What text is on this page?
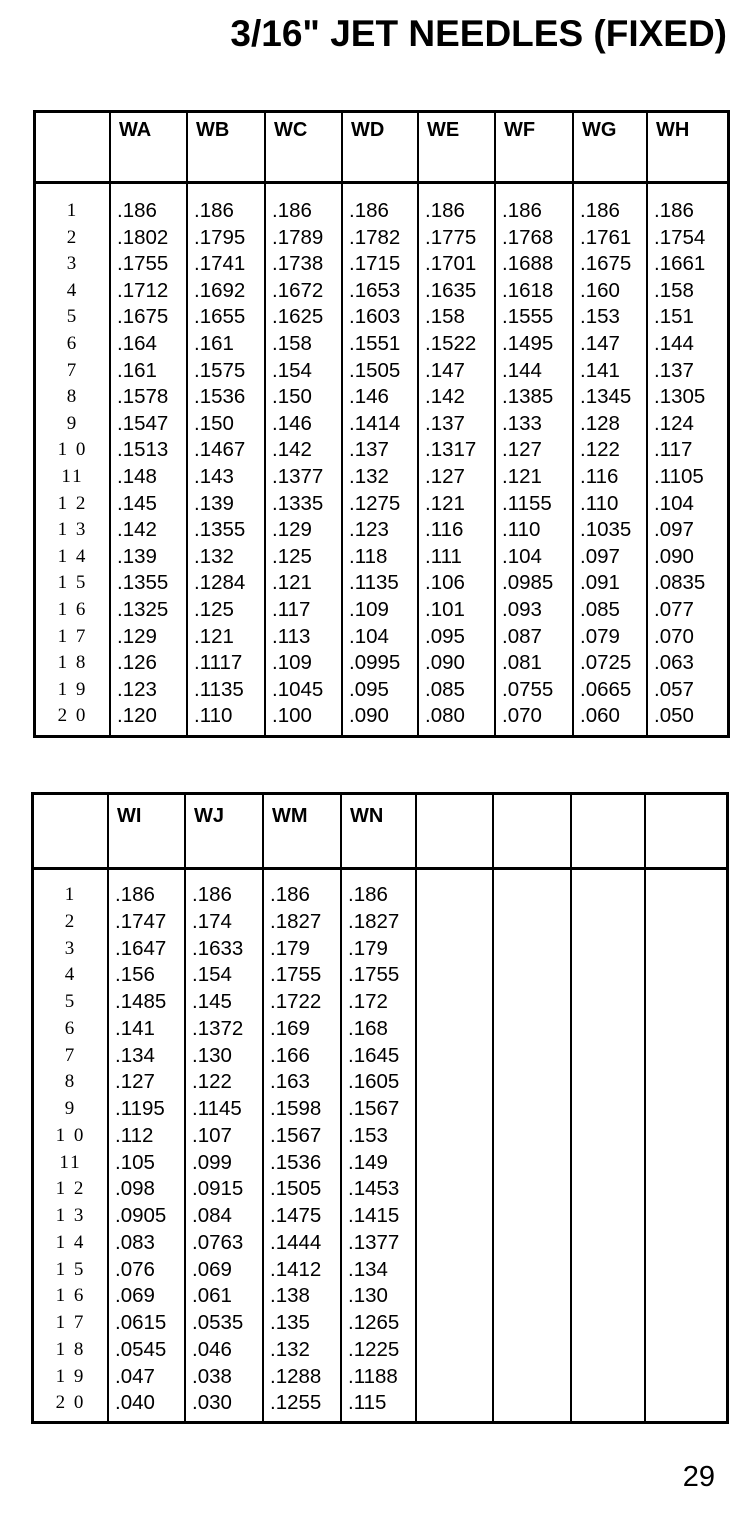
3/16" JET NEEDLES (FIXED)
1
2
3
4
5
6
7
8
9
1 0
11
1 2
1 3
1 4
1 5
1 6
1 7
1 8
1 9
2 0
WA
.186
.1802
.1755
.1712
.1675
.164
.161
.1578
.1547
.1513
.148
.145
.142
.139
.1355
.1325
.129
.126
.123
.120
WB
.186
.1795
.1741
.1692
.1655
.161
.1575
.1536
.150
.1467
.143
.139
.1355
.132
.1284
.125
.121
.1117
.1135
.110
WC
.186
.1789
.1738
.1672
.1625
.158
.154
.150
.146
.142
.1377
.1335
.129
.125
.121
.117
.113
.109
.1045
.100
WD
.186
.1782
.1715
.1653
.1603
.1551
.1505
.146
.1414
.137
.132
.1275
.123
.118
.1135
.109
.104
.0995
.095
.090
WE
.186
.1775
.1701
.1635
.158
.1522
.147
.142
.137
.1317
.127
.121
.116
.111
.106
.101
.095
.090
.085
.080
WF
.186
.1768
.1688
.1618
.1555
.1495
.144
.1385
.133
.127
.121
.1155
.110
.104
.0985
.093
.087
.081
.0755
.070
WG
.186
.1761
.1675
.160
.153
.147
.141
.1345
.128
.122
.116
.110
.1035
.097
.091
.085
.079
.0725
.0665
.060
WH
.186
.1754
.1661
.158
.151
.144
.137
.1305
.124
.117
.1105
.104
.097
.090
.0835
.077
.070
.063
.057
.050
1
2
3
4
5
6
7
8
9
1 0
11
1 2
1 3
1 4
1 5
1 6
1 7
1 8
1 9
2 0
WI
.186
.1747
.1647
.156
.1485
.141
.134
.127
.1195
.112
.105
.098
.0905
.083
.076
.069
.0615
.0545
.047
.040
WJ
.186
.174
.1633
.154
.145
.1372
.130
.122
.1145
.107
.099
.0915
.084
.0763
.069
.061
.0535
.046
.038
.030
WM
.186
.1827
.179
.1755
.1722
.169
.166
.163
.1598
.1567
.1536
.1505
.1475
.1444
.1412
.138
.135
.132
.1288
.1255
WN
.186
.1827
.179
.1755
.172
.168
.1645
.1605
.1567
.153
.149
.1453
.1415
.1377
.134
.130
.1265
.1225
.1188
.115
29
